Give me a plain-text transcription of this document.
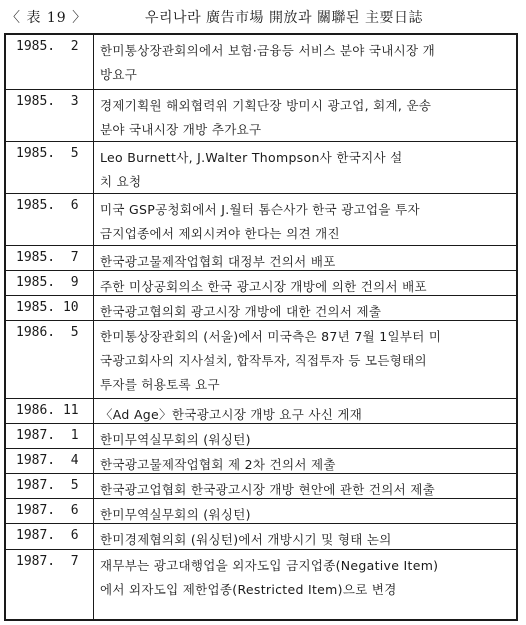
〈 表 19 〉	우리나라 廣告市場 開放과 關聯된 主要日誌
1985.  2	한미통상장관회의에서 보험·금융등 서비스 분야 국내시장 개
방요구
1985.  3	경제기획원 해외협력위 기획단장 방미시 광고업, 회계, 운송
분야 국내시장 개방 추가요구
1985.  5	Leo Burnett사, J.Walter Thompson사 한국지사 설
치 요청
1985.  6	미국 GSP공청회에서 J.월터 톰슨사가 한국 광고업을 투자
금지업종에서 제외시켜야 한다는 의견 개진
1985.  7	한국광고물제작업협회 대정부 건의서 배포
1985.  9	주한 미상공회의소 한국 광고시장 개방에 의한 건의서 배포
1985. 10	한국광고협의회 광고시장 개방에 대한 건의서 제출
1986.  5	한미통상장관회의 (서울)에서 미국측은 87년 7월 1일부터 미
국광고회사의 지사설치, 합작투자, 직접투자 등 모든형태의
투자를 허용토록 요구
1986. 11	〈Ad Age〉한국광고시장 개방 요구 사신 게재
1987.  1	한미무역실무회의 (워싱턴)
1987.  4	한국광고물제작업협회 제 2차 건의서 제출
1987.  5	한국광고업협회 한국광고시장 개방 현안에 관한 건의서 제출
1987.  6	한미무역실무회의 (워싱턴)
1987.  6	한미경제협의회 (워싱턴)에서 개방시기 및 형태 논의
1987.  7	재무부는 광고대행업을 외자도입 금지업종(Negative Item)
에서 외자도입 제한업종(Restricted Item)으로 변경
